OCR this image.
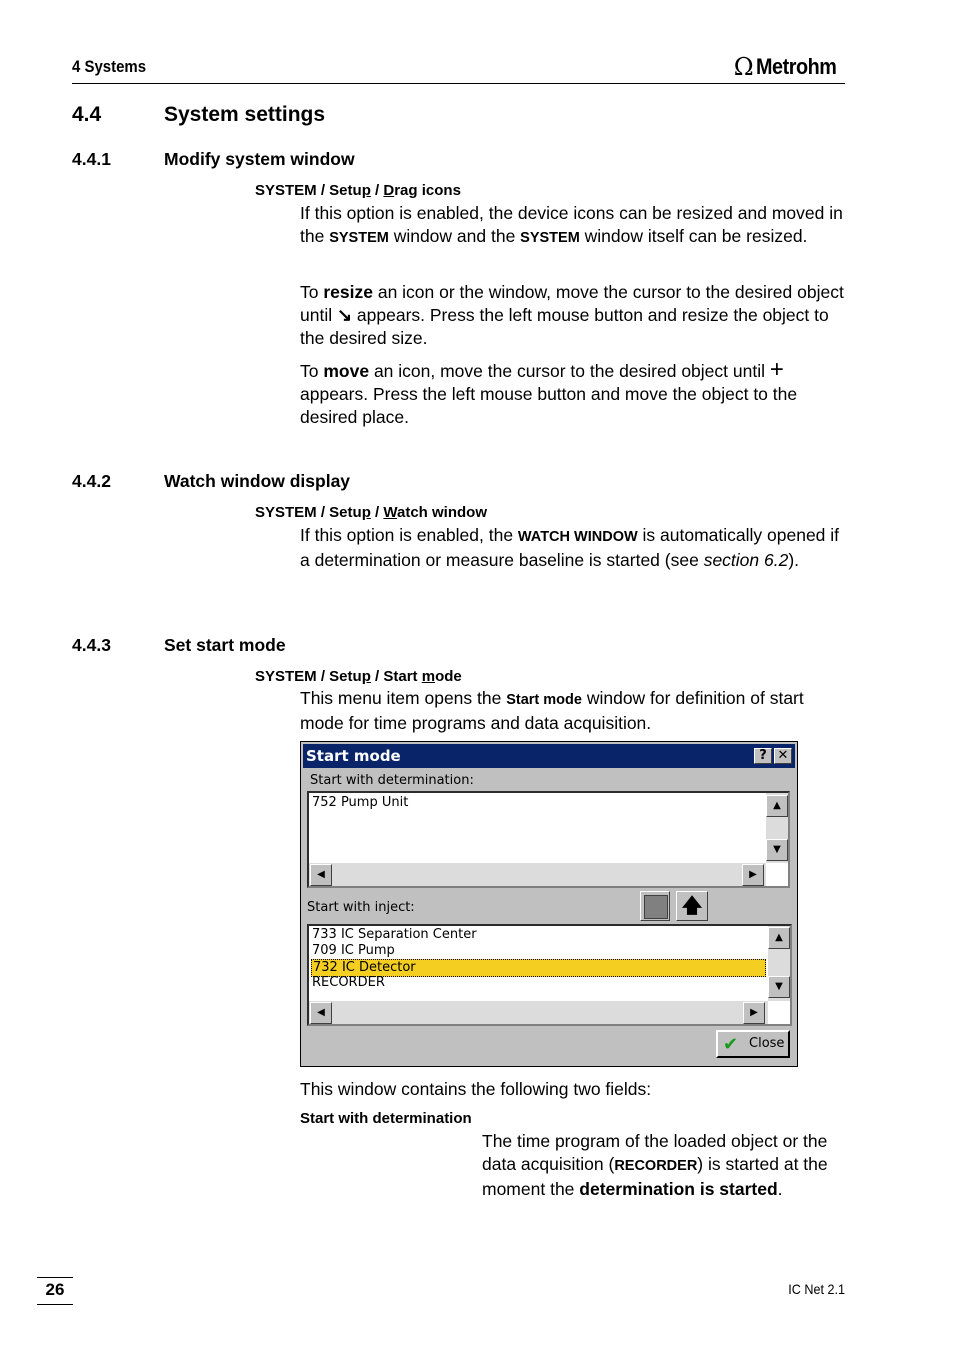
4 Systems	Ω Metrohm
4.4	System settings
4.4.1	Modify system window
SYSTEM / Setup / Drag icons
If this option is enabled, the device icons can be resized and moved in the SYSTEM window and the SYSTEM window itself can be resized.
To resize an icon or the window, move the cursor to the desired object until ↘ appears. Press the left mouse button and resize the object to the desired size.
To move an icon, move the cursor to the desired object until + appears. Press the left mouse button and move the object to the desired place.
4.4.2	Watch window display
SYSTEM / Setup / Watch window
If this option is enabled, the WATCH WINDOW is automatically opened if a determination or measure baseline is started (see section 6.2).
4.4.3	Set start mode
SYSTEM / Setup / Start mode
This menu item opens the Start mode window for definition of start mode for time programs and data acquisition.
Start mode	? ✕
Start with determination:
752 Pump Unit	▲
▼
◀	▶
Start with inject:	🡅
733 IC Separation Center
709 IC Pump
732 IC Detector
RECORDER
▲
▼
◀	▶
✔ Close
This window contains the following two fields:
Start with determination
The time program of the loaded object or the data acquisition (RECORDER) is started at the moment the determination is started.
26	IC Net 2.1
